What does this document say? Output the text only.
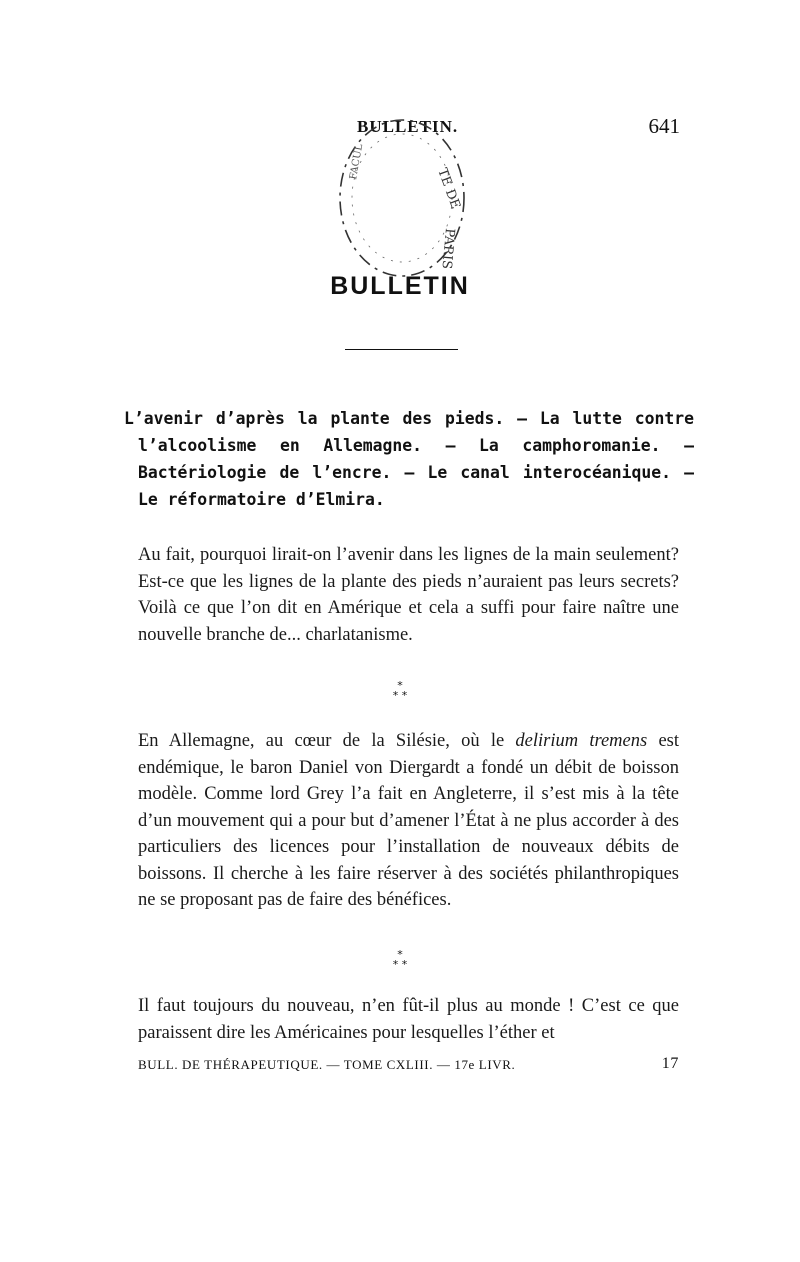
BULLETIN.	641
TE DE
PARIS
FACUL
BULLETIN
L’avenir d’après la plante des pieds. — La lutte contre l’alcoolisme en Allemagne. — La camphoromanie. — Bactériologie de l’encre. — Le canal interocéanique. — Le réformatoire d’Elmira.

Au fait, pourquoi lirait-on l’avenir dans les lignes de la main seulement? Est-ce que les lignes de la plante des pieds n’auraient pas leurs secrets? Voilà ce que l’on dit en Amérique et cela a suffi pour faire naître une nouvelle branche de... charlatanisme.

*
* *

En Allemagne, au cœur de la Silésie, où le delirium tremens est endémique, le baron Daniel von Diergardt a fondé un débit de boisson modèle. Comme lord Grey l’a fait en Angleterre, il s’est mis à la tête d’un mouvement qui a pour but d’amener l’État à ne plus accorder à des particuliers des licences pour l’installation de nouveaux débits de boissons. Il cherche à les faire réserver à des sociétés philanthropiques ne se proposant pas de faire des bénéfices.

*
* *

Il faut toujours du nouveau, n’en fût-il plus au monde ! C’est ce que paraissent dire les Américaines pour lesquelles l’éther et

BULL. DE THÉRAPEUTIQUE. — TOME CXLIII. — 17e LIVR.	17
